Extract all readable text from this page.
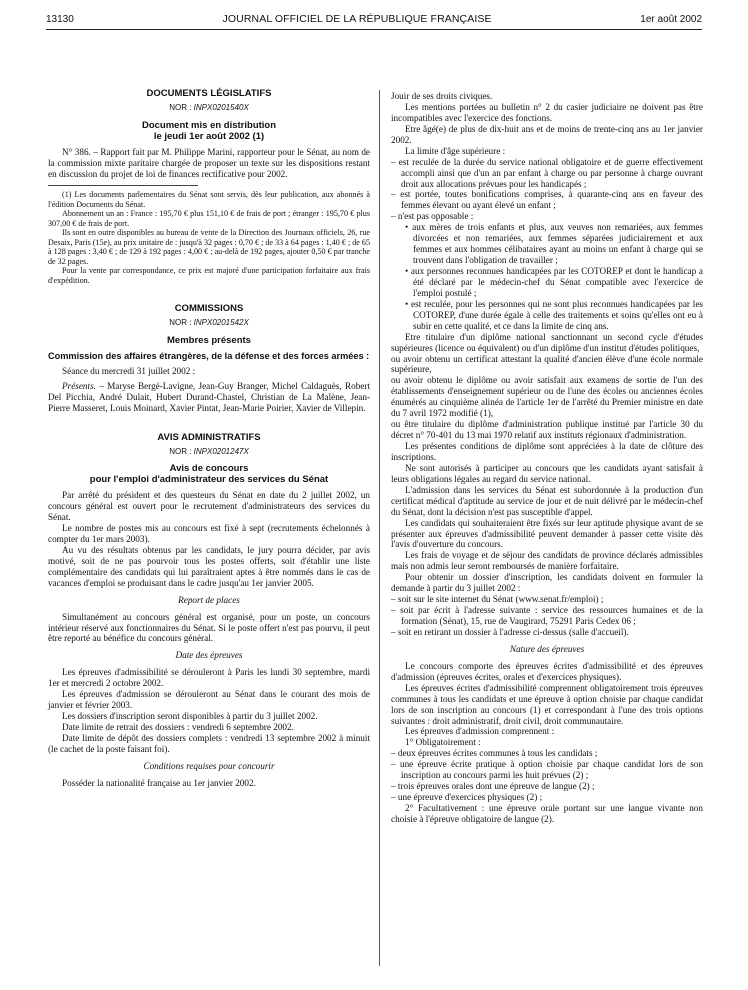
13130	JOURNAL OFFICIEL DE LA RÉPUBLIQUE FRANÇAISE	1er août 2002

DOCUMENTS LÉGISLATIFS

NOR : INPX0201540X

Document mis en distribution
le jeudi 1er août 2002 (1)

N° 386. – Rapport fait par M. Philippe Marini, rapporteur pour le Sénat, au nom de la commission mixte paritaire chargée de proposer un texte sur les dispositions restant en discussion du projet de loi de finances rectificative pour 2002.

(1) Les documents parlementaires du Sénat sont servis, dès leur publication, aux abonnés à l'édition Documents du Sénat.

Abonnement un an : France : 195,70 € plus 151,10 € de frais de port ; étranger : 195,70 € plus 307,00 € de frais de port.

Ils sont en outre disponibles au bureau de vente de la Direction des Journaux officiels, 26, rue Desaix, Paris (15e), au prix unitaire de : jusqu'à 32 pages : 0,70 € ; de 33 à 64 pages : 1,40 € ; de 65 à 128 pages : 3,40 € ; de 129 à 192 pages : 4,00 € ; au-delà de 192 pages, ajouter 0,50 € par tranche de 32 pages.

Pour la vente par correspondance, ce prix est majoré d'une participation forfaitaire aux frais d'expédition.

COMMISSIONS

NOR : INPX0201542X

Membres présents

Commission des affaires étrangères, de la défense et des forces armées :

Séance du mercredi 31 juillet 2002 :

Présents. – Maryse Bergé-Lavigne, Jean-Guy Branger, Michel Caldaguès, Robert Del Picchia, André Dulait, Hubert Durand-Chastel, Christian de La Malène, Jean-Pierre Masseret, Louis Moinard, Xavier Pintat, Jean-Marie Poirier, Xavier de Villepin.

AVIS ADMINISTRATIFS

NOR : INPX0201247X

Avis de concours
pour l'emploi d'administrateur des services du Sénat

Par arrêté du président et des questeurs du Sénat en date du 2 juillet 2002, un concours général est ouvert pour le recrutement d'administrateurs des services du Sénat.

Le nombre de postes mis au concours est fixé à sept (recrutements échelonnés à compter du 1er mars 2003).

Au vu des résultats obtenus par les candidats, le jury pourra décider, par avis motivé, soit de ne pas pourvoir tous les postes offerts, soit d'établir une liste complémentaire des candidats qui lui paraîtraient aptes à être nommés dans le cas de vacances d'emploi se produisant dans le cadre jusqu'au 1er janvier 2005.

Report de places

Simultanément au concours général est organisé, pour un poste, un concours intérieur réservé aux fonctionnaires du Sénat. Si le poste offert n'est pas pourvu, il peut être reporté au bénéfice du concours général.

Date des épreuves

Les épreuves d'admissibilité se dérouleront à Paris les lundi 30 septembre, mardi 1er et mercredi 2 octobre 2002.

Les épreuves d'admission se dérouleront au Sénat dans le courant des mois de janvier et février 2003.

Les dossiers d'inscription seront disponibles à partir du 3 juillet 2002.

Date limite de retrait des dossiers : vendredi 6 septembre 2002.

Date limite de dépôt des dossiers complets : vendredi 13 septembre 2002 à minuit (le cachet de la poste faisant foi).

Conditions requises pour concourir

Posséder la nationalité française au 1er janvier 2002.

Jouir de ses droits civiques.

Les mentions portées au bulletin n° 2 du casier judiciaire ne doivent pas être incompatibles avec l'exercice des fonctions.

Etre âgé(e) de plus de dix-huit ans et de moins de trente-cinq ans au 1er janvier 2002.

La limite d'âge supérieure :

– est reculée de la durée du service national obligatoire et de guerre effectivement accompli ainsi que d'un an par enfant à charge ou par personne à charge ouvrant droit aux allocations prévues pour les handicapés ;

– est portée, toutes bonifications comprises, à quarante-cinq ans en faveur des femmes élevant ou ayant élevé un enfant ;

– n'est pas opposable :

• aux mères de trois enfants et plus, aux veuves non remariées, aux femmes divorcées et non remariées, aux femmes séparées judiciairement et aux femmes et aux hommes célibataires ayant au moins un enfant à charge qui se trouvent dans l'obligation de travailler ;

• aux personnes reconnues handicapées par les COTOREP et dont le handicap a été déclaré par le médecin-chef du Sénat compatible avec l'exercice de l'emploi postulé ;

• est reculée, pour les personnes qui ne sont plus reconnues handicapées par les COTOREP, d'une durée égale à celle des traitements et soins qu'elles ont eu à subir en cette qualité, et ce dans la limite de cinq ans.

Etre titulaire d'un diplôme national sanctionnant un second cycle d'études supérieures (licence ou équivalent) ou d'un diplôme d'un institut d'études politiques,

ou avoir obtenu un certificat attestant la qualité d'ancien élève d'une école normale supérieure,

ou avoir obtenu le diplôme ou avoir satisfait aux examens de sortie de l'un des établissements d'enseignement supérieur ou de l'une des écoles ou anciennes écoles énumérés au cinquième alinéa de l'article 1er de l'arrêté du Premier ministre en date du 7 avril 1972 modifié (1),

ou être titulaire du diplôme d'administration publique institué par l'article 30 du décret n° 70-401 du 13 mai 1970 relatif aux instituts régionaux d'administration.

Les présentes conditions de diplôme sont appréciées à la date de clôture des inscriptions.

Ne sont autorisés à participer au concours que les candidats ayant satisfait à leurs obligations légales au regard du service national.

L'admission dans les services du Sénat est subordonnée à la production d'un certificat médical d'aptitude au service de jour et de nuit délivré par le médecin-chef du Sénat, dont la décision n'est pas susceptible d'appel.

Les candidats qui souhaiteraient être fixés sur leur aptitude physique avant de se présenter aux épreuves d'admissibilité peuvent demander à passer cette visite dès l'avis d'ouverture du concours.

Les frais de voyage et de séjour des candidats de province déclarés admissibles mais non admis leur seront remboursés de manière forfaitaire.

Pour obtenir un dossier d'inscription, les candidats doivent en formuler la demande à partir du 3 juillet 2002 :

– soit sur le site internet du Sénat (www.senat.fr/emploi) ;

– soit par écrit à l'adresse suivante : service des ressources humaines et de la formation (Sénat), 15, rue de Vaugirard, 75291 Paris Cedex 06 ;

– soit en retirant un dossier à l'adresse ci-dessus (salle d'accueil).

Nature des épreuves

Le concours comporte des épreuves écrites d'admissibilité et des épreuves d'admission (épreuves écrites, orales et d'exercices physiques).

Les épreuves écrites d'admissibilité comprennent obligatoirement trois épreuves communes à tous les candidats et une épreuve à option choisie par chaque candidat lors de son inscription au concours (1) et correspondant à l'une des trois options suivantes : droit administratif, droit civil, droit communautaire.

Les épreuves d'admission comprennent :

1° Obligatoirement :

– deux épreuves écrites communes à tous les candidats ;

– une épreuve écrite pratique à option choisie par chaque candidat lors de son inscription au concours parmi les huit prévues (2) ;

– trois épreuves orales dont une épreuve de langue (2) ;

– une épreuve d'exercices physiques (2) ;

2° Facultativement : une épreuve orale portant sur une langue vivante non choisie à l'épreuve obligatoire de langue (2).
